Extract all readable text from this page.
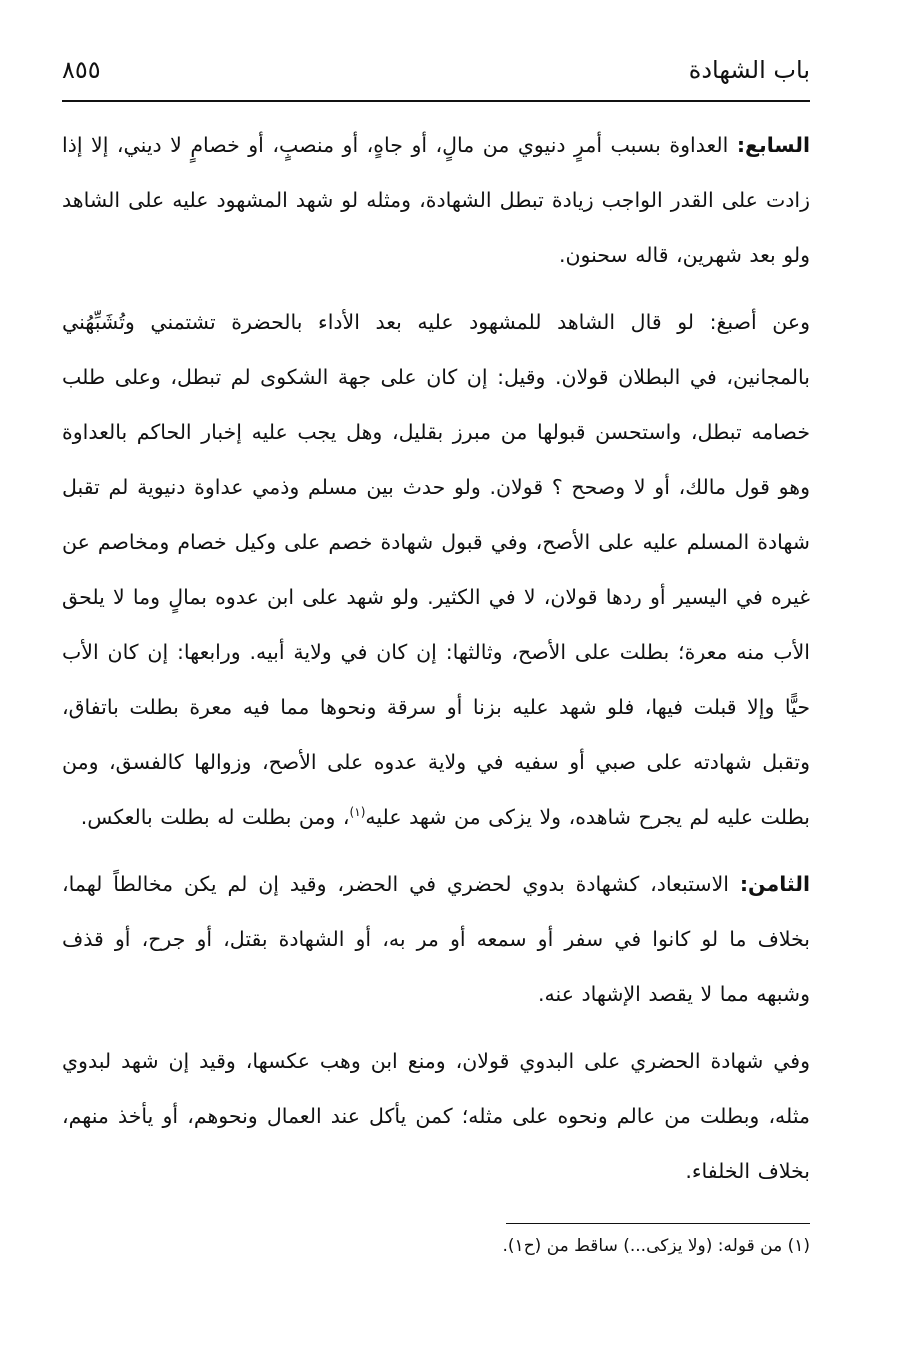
باب الشهادة
٨٥٥

السابع: العداوة بسبب أمرٍ دنيوي من مالٍ، أو جاهٍ، أو منصبٍ، أو خصامٍ لا ديني، إلا إذا زادت على القدر الواجب زيادة تبطل الشهادة، ومثله لو شهد المشهود عليه على الشاهد ولو بعد شهرين، قاله سحنون.

وعن أصبغ: لو قال الشاهد للمشهود عليه بعد الأداء بالحضرة تشتمني وتُشَبِّهُني بالمجانين، في البطلان قولان. وقيل: إن كان على جهة الشكوى لم تبطل، وعلى طلب خصامه تبطل، واستحسن قبولها من مبرز بقليل، وهل يجب عليه إخبار الحاكم بالعداوة وهو قول مالك، أو لا وصحح ؟ قولان. ولو حدث بين مسلم وذمي عداوة دنيوية لم تقبل شهادة المسلم عليه على الأصح، وفي قبول شهادة خصم على وكيل خصام ومخاصم عن غيره في اليسير أو ردها قولان، لا في الكثير. ولو شهد على ابن عدوه بمالٍ وما لا يلحق الأب منه معرة؛ بطلت على الأصح، وثالثها: إن كان في ولاية أبيه. ورابعها: إن كان الأب حيًّا وإلا قبلت فيها، فلو شهد عليه بزنا أو سرقة ونحوها مما فيه معرة بطلت باتفاق، وتقبل شهادته على صبي أو سفيه في ولاية عدوه على الأصح، وزوالها كالفسق، ومن بطلت عليه لم يجرح شاهده، ولا يزكى من شهد عليه$^{(١)}$، ومن بطلت له بطلت بالعكس.

الثامن: الاستبعاد، كشهادة بدوي لحضري في الحضر، وقيد إن لم يكن مخالطاً لهما، بخلاف ما لو كانوا في سفر أو سمعه أو مر به، أو الشهادة بقتل، أو جرح، أو قذف وشبهه مما لا يقصد الإشهاد عنه.

وفي شهادة الحضري على البدوي قولان، ومنع ابن وهب عكسها، وقيد إن شهد لبدوي مثله، وبطلت من عالم ونحوه على مثله؛ كمن يأكل عند العمال ونحوهم، أو يأخذ منهم، بخلاف الخلفاء.

(١) من قوله: (ولا يزكى...) ساقط من (ح١).
